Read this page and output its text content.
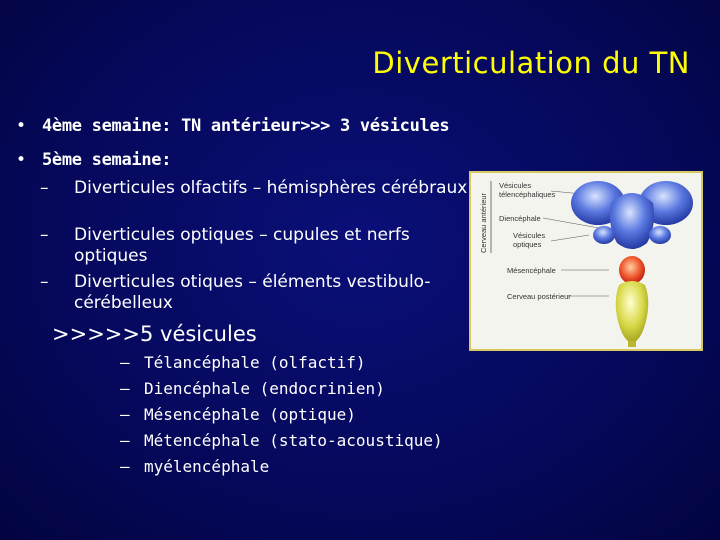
Diverticulation du TN
• 4ème semaine: TN antérieur>>> 3 vésicules
• 5ème semaine:
– Diverticules olfactifs – hémisphères cérébraux
– Diverticules optiques – cupules et nerfs optiques
– Diverticules otiques – éléments vestibulo-cérébelleux
>>>>>5 vésicules
– Télancéphale (olfactif)
– Diencéphale (endocrinien)
– Mésencéphale (optique)
– Métencéphale (stato-acoustique)
– myélencéphale
Cerveau antérieur
Vésicules
télencéphaliques
Diencéphale
Vésicules
optiques
Mésencéphale
Cerveau postérieur
